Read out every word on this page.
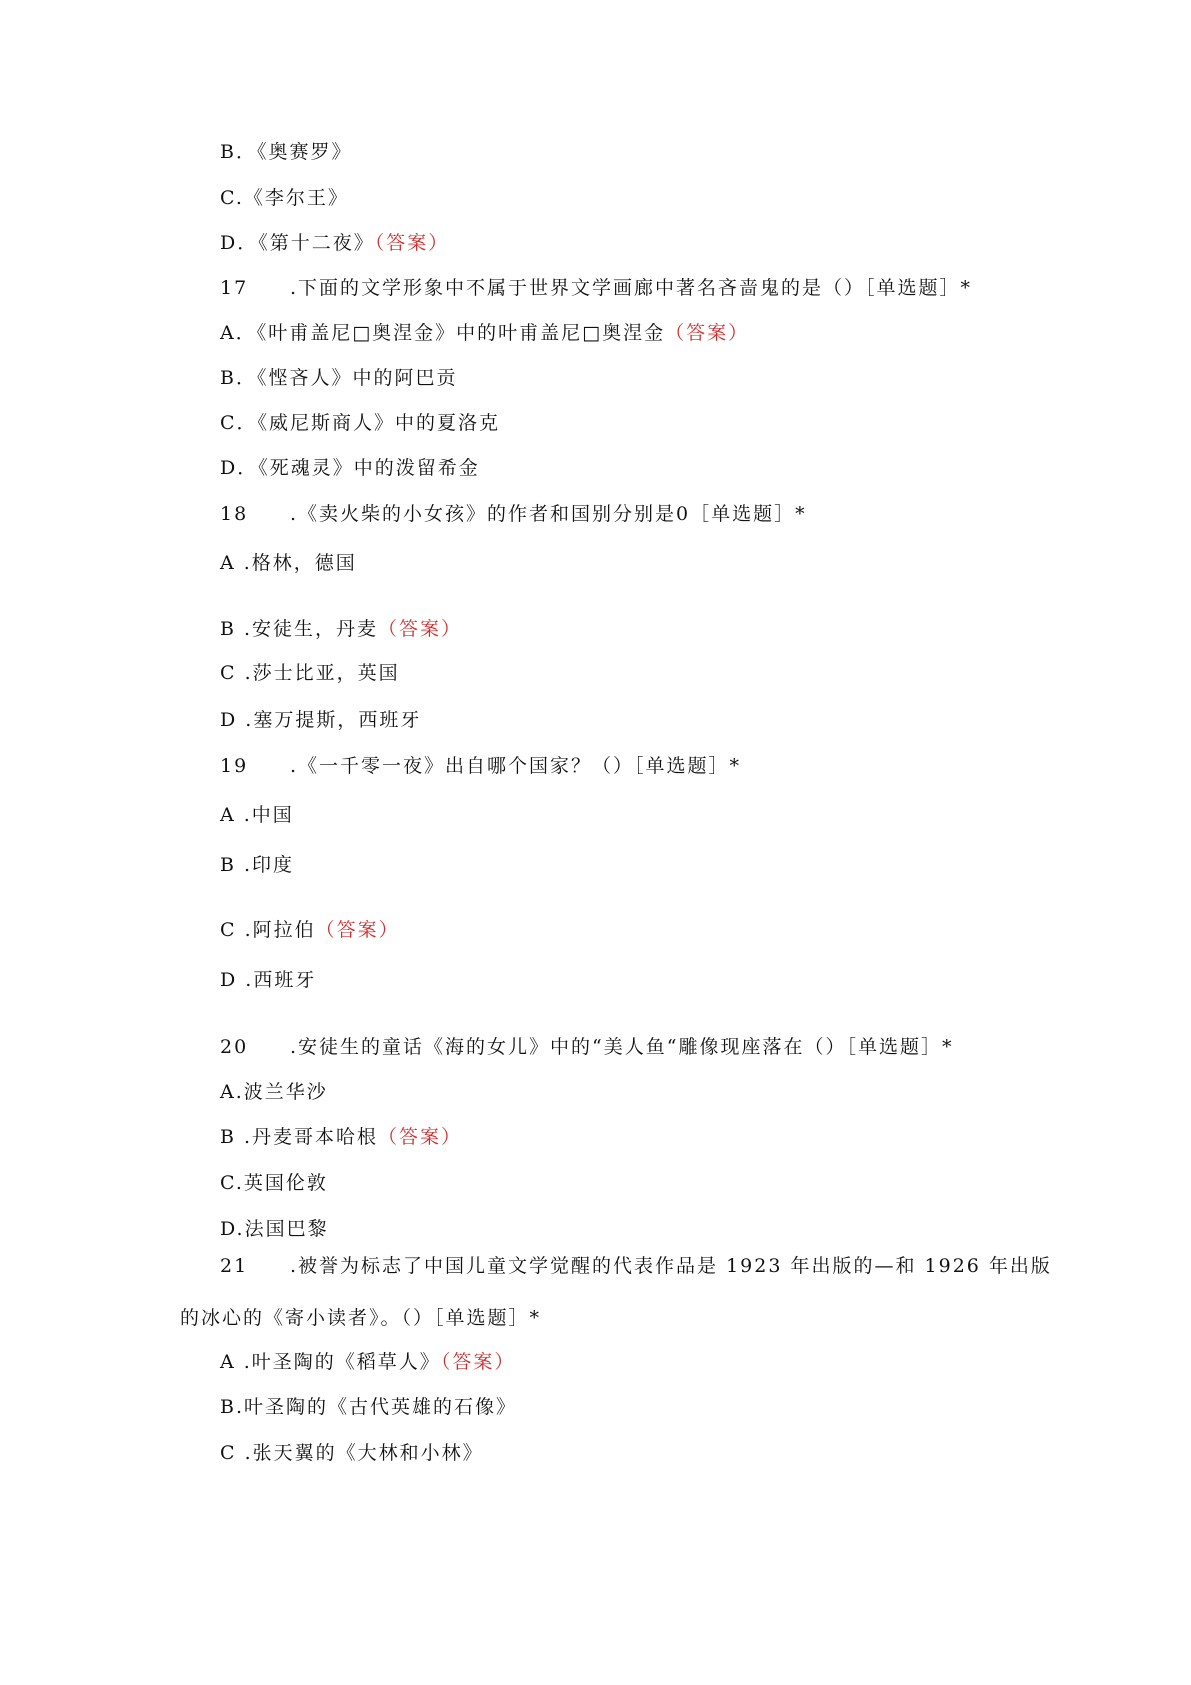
B．《奥赛罗》
C.《李尔王》
D．《第十二夜》（答案）
17 .下面的文学形象中不属于世界文学画廊中著名吝啬鬼的是（）［单选题］*
A．《叶甫盖尼□奥涅金》中的叶甫盖尼□奥涅金（答案）
B．《悭吝人》中的阿巴贡
C．《威尼斯商人》中的夏洛克
D．《死魂灵》中的泼留希金
18 .《卖火柴的小女孩》的作者和国别分别是0［单选题］*
A .格林，德国
B .安徒生，丹麦（答案）
C .莎士比亚，英国
D .塞万提斯，西班牙
19 .《一千零一夜》出自哪个国家？（）［单选题］*
A .中国
B .印度
C .阿拉伯（答案）
D .西班牙
20 .安徒生的童话《海的女儿》中的“美人鱼“雕像现座落在（）［单选题］*
A.波兰华沙
B .丹麦哥本哈根（答案）
C.英国伦敦
D.法国巴黎
21 .被誉为标志了中国儿童文学觉醒的代表作品是 1923 年出版的—和 1926 年出版
的冰心的《寄小读者》。（）［单选题］*
A .叶圣陶的《稻草人》（答案）
B.叶圣陶的《古代英雄的石像》
C .张天翼的《大林和小林》
